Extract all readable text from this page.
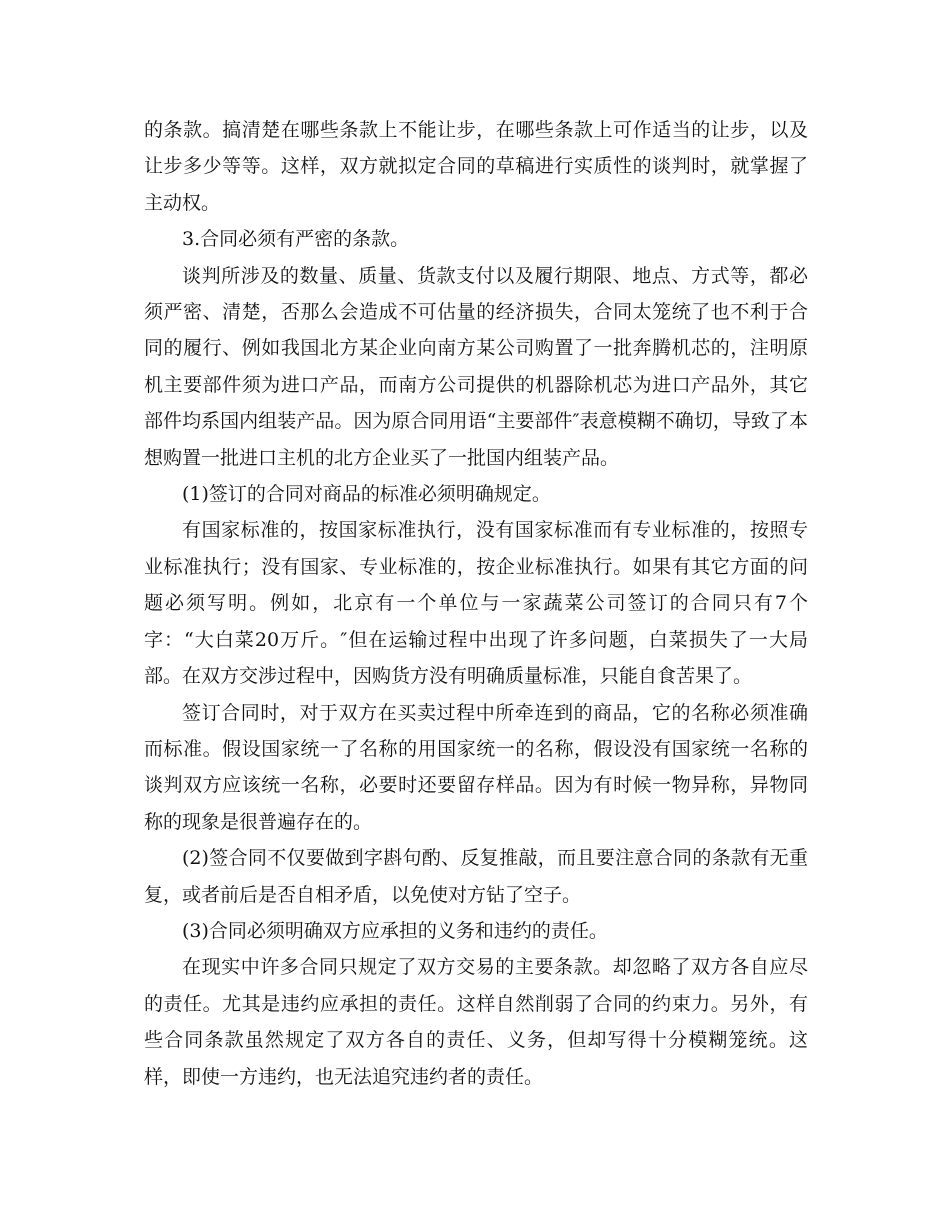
的条款。搞清楚在哪些条款上不能让步，在哪些条款上可作适当的让步，以及让步多少等等。这样，双方就拟定合同的草稿进行实质性的谈判时，就掌握了主动权。

3.合同必须有严密的条款。

谈判所涉及的数量、质量、货款支付以及履行期限、地点、方式等，都必须严密、清楚，否那么会造成不可估量的经济损失，合同太笼统了也不利于合同的履行、例如我国北方某企业向南方某公司购置了一批奔腾机芯的，注明原机主要部件须为进口产品，而南方公司提供的机器除机芯为进口产品外，其它部件均系国内组装产品。因为原合同用语“主要部件″表意模糊不确切，导致了本想购置一批进口主机的北方企业买了一批国内组装产品。

(1)签订的合同对商品的标准必须明确规定。

有国家标准的，按国家标准执行，没有国家标准而有专业标准的，按照专业标准执行；没有国家、专业标准的，按企业标准执行。如果有其它方面的问题必须写明。例如，北京有一个单位与一家蔬菜公司签订的合同只有7个字：“大白菜20万斤。″但在运输过程中出现了许多问题，白菜损失了一大局部。在双方交涉过程中，因购货方没有明确质量标准，只能自食苦果了。

签订合同时，对于双方在买卖过程中所牵连到的商品，它的名称必须准确而标准。假设国家统一了名称的用国家统一的名称，假设没有国家统一名称的谈判双方应该统一名称，必要时还要留存样品。因为有时候一物异称，异物同称的现象是很普遍存在的。

(2)签合同不仅要做到字斟句酌、反复推敲，而且要注意合同的条款有无重复，或者前后是否自相矛盾，以免使对方钻了空子。

(3)合同必须明确双方应承担的义务和违约的责任。

在现实中许多合同只规定了双方交易的主要条款。却忽略了双方各自应尽的责任。尤其是违约应承担的责任。这样自然削弱了合同的约束力。另外，有些合同条款虽然规定了双方各自的责任、义务，但却写得十分模糊笼统。这样，即使一方违约，也无法追究违约者的责任。
